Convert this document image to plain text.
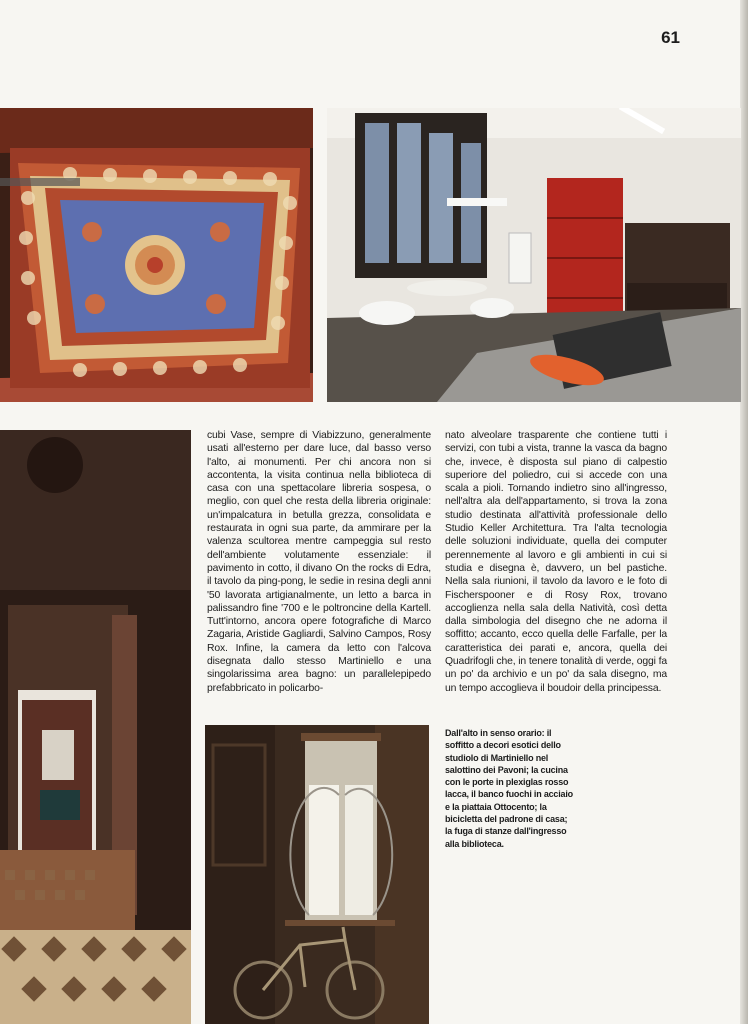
61
cubi Vase, sempre di Viabizzuno, generalmente usati all'esterno per dare luce, dal basso verso l'alto, ai monumenti. Per chi ancora non si accontenta, la visita continua nella biblioteca di casa con una spettacolare libreria sospesa, o meglio, con quel che resta della libreria originale: un'impalcatura in betulla grezza, consolidata e restaurata in ogni sua parte, da ammirare per la valenza scultorea mentre campeggia sul resto dell'ambiente volutamente essenziale: il pavimento in cotto, il divano On the rocks di Edra, il tavolo da ping-pong, le sedie in resina degli anni '50 lavorata artigianalmente, un letto a barca in palissandro fine '700 e le poltroncine della Kartell. Tutt'intorno, ancora opere fotografiche di Marco Zagaria, Aristide Gagliardi, Salvino Campos, Rosy Rox. Infine, la camera da letto con l'alcova disegnata dallo stesso Martiniello e una singolarissima area bagno: un parallelepipedo prefabbricato in policarbo-
nato alveolare trasparente che contiene tutti i servizi, con tubi a vista, tranne la vasca da bagno che, invece, è disposta sul piano di calpestio superiore del poliedro, cui si accede con una scala a pioli. Tornando indietro sino all'ingresso, nell'altra ala dell'appartamento, si trova la zona studio destinata all'attività professionale dello Studio Keller Architettura. Tra l'alta tecnologia delle soluzioni individuate, quella dei computer perennemente al lavoro e gli ambienti in cui si studia e disegna è, davvero, un bel pastiche. Nella sala riunioni, il tavolo da lavoro e le foto di Fischerspooner e di Rosy Rox, trovano accoglienza nella sala della Natività, così detta dalla simbologia del disegno che ne adorna il soffitto; accanto, ecco quella delle Farfalle, per la caratteristica dei parati e, ancora, quella dei Quadrifogli che, in tenere tonalità di verde, oggi fa un po' da archivio e un po' da sala disegno, ma un tempo accoglieva il boudoir della principessa.
Dall'alto in senso orario: il soffitto a decori esotici dello studiolo di Martiniello nel salottino dei Pavoni; la cucina con le porte in plexiglas rosso lacca, il banco fuochi in acciaio e la piattaia Ottocento; la bicicletta del padrone di casa; la fuga di stanze dall'ingresso alla biblioteca.
